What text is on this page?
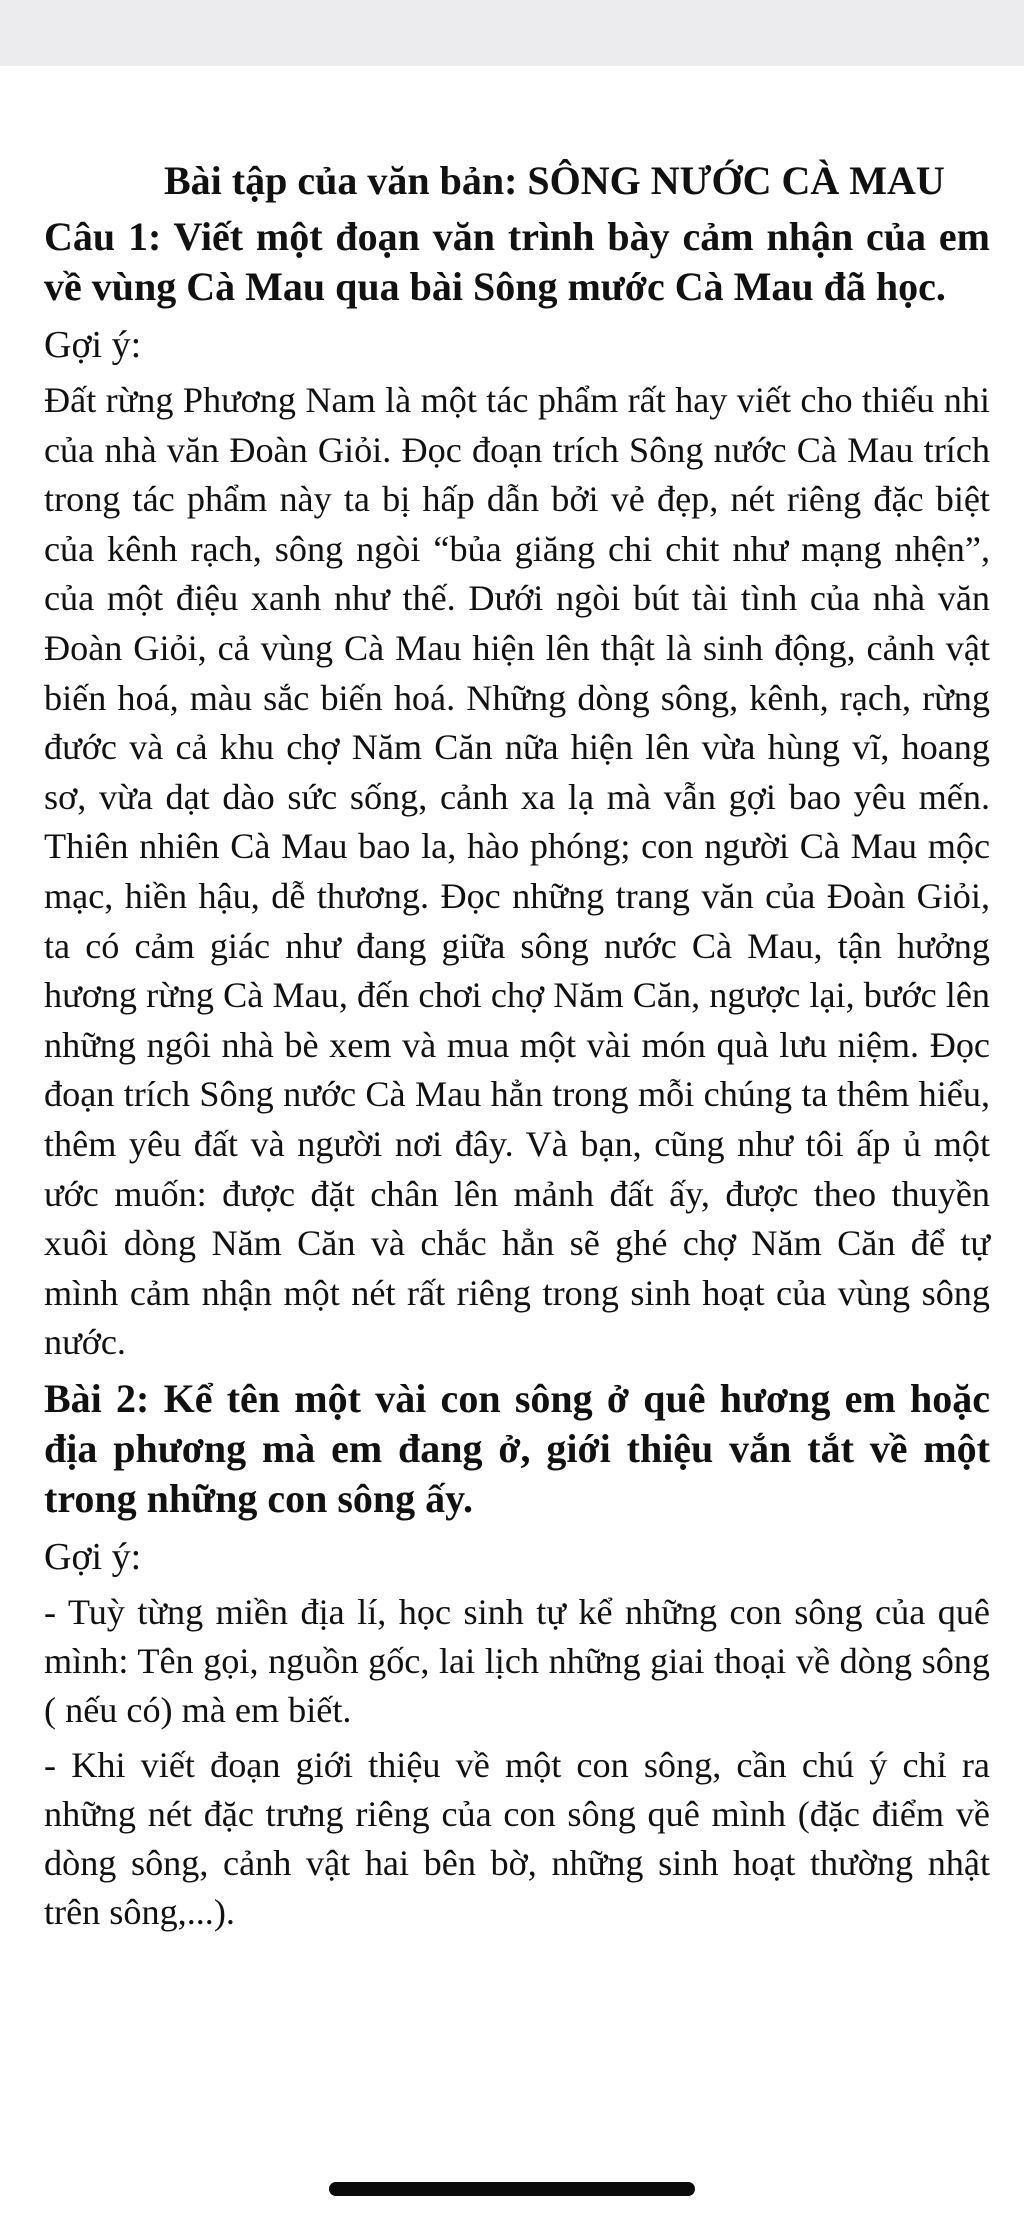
Bài tập của văn bản: SÔNG NƯỚC CÀ MAU

Câu 1: Viết một đoạn văn trình bày cảm nhận của em về vùng Cà Mau qua bài Sông mước Cà Mau đã học.

Gợi ý:

Đất rừng Phương Nam là một tác phẩm rất hay viết cho thiếu nhi của nhà văn Đoàn Giỏi. Đọc đoạn trích Sông nước Cà Mau trích trong tác phẩm này ta bị hấp dẫn bởi vẻ đẹp, nét riêng đặc biệt của kênh rạch, sông ngòi “bủa giăng chi chit như mạng nhện”, của một điệu xanh như thế. Dưới ngòi bút tài tình của nhà văn Đoàn Giỏi, cả vùng Cà Mau hiện lên thật là sinh động, cảnh vật biến hoá, màu sắc biến hoá. Những dòng sông, kênh, rạch, rừng đước và cả khu chợ Năm Căn nữa hiện lên vừa hùng vĩ, hoang sơ, vừa dạt dào sức sống, cảnh xa lạ mà vẫn gợi bao yêu mến. Thiên nhiên Cà Mau bao la, hào phóng; con người Cà Mau mộc mạc, hiền hậu, dễ thương. Đọc những trang văn của Đoàn Giỏi, ta có cảm giác như đang giữa sông nước Cà Mau, tận hưởng hương rừng Cà Mau, đến chơi chợ Năm Căn, ngược lại, bước lên những ngôi nhà bè xem và mua một vài món quà lưu niệm. Đọc đoạn trích Sông nước Cà Mau hẳn trong mỗi chúng ta thêm hiểu, thêm yêu đất và người nơi đây. Và bạn, cũng như tôi ấp ủ một ước muốn: được đặt chân lên mảnh đất ấy, được theo thuyền xuôi dòng Năm Căn và chắc hẳn sẽ ghé chợ Năm Căn để tự mình cảm nhận một nét rất riêng trong sinh hoạt của vùng sông nước.

Bài 2: Kể tên một vài con sông ở quê hương em hoặc địa phương mà em đang ở, giới thiệu vắn tắt về một trong những con sông ấy.

Gợi ý:

- Tuỳ từng miền địa lí, học sinh tự kể những con sông của quê mình: Tên gọi, nguồn gốc, lai lịch những giai thoại về dòng sông ( nếu có) mà em biết.

- Khi viết đoạn giới thiệu về một con sông, cần chú ý chỉ ra những nét đặc trưng riêng của con sông quê mình (đặc điểm về dòng sông, cảnh vật hai bên bờ, những sinh hoạt thường nhật trên sông,...).
